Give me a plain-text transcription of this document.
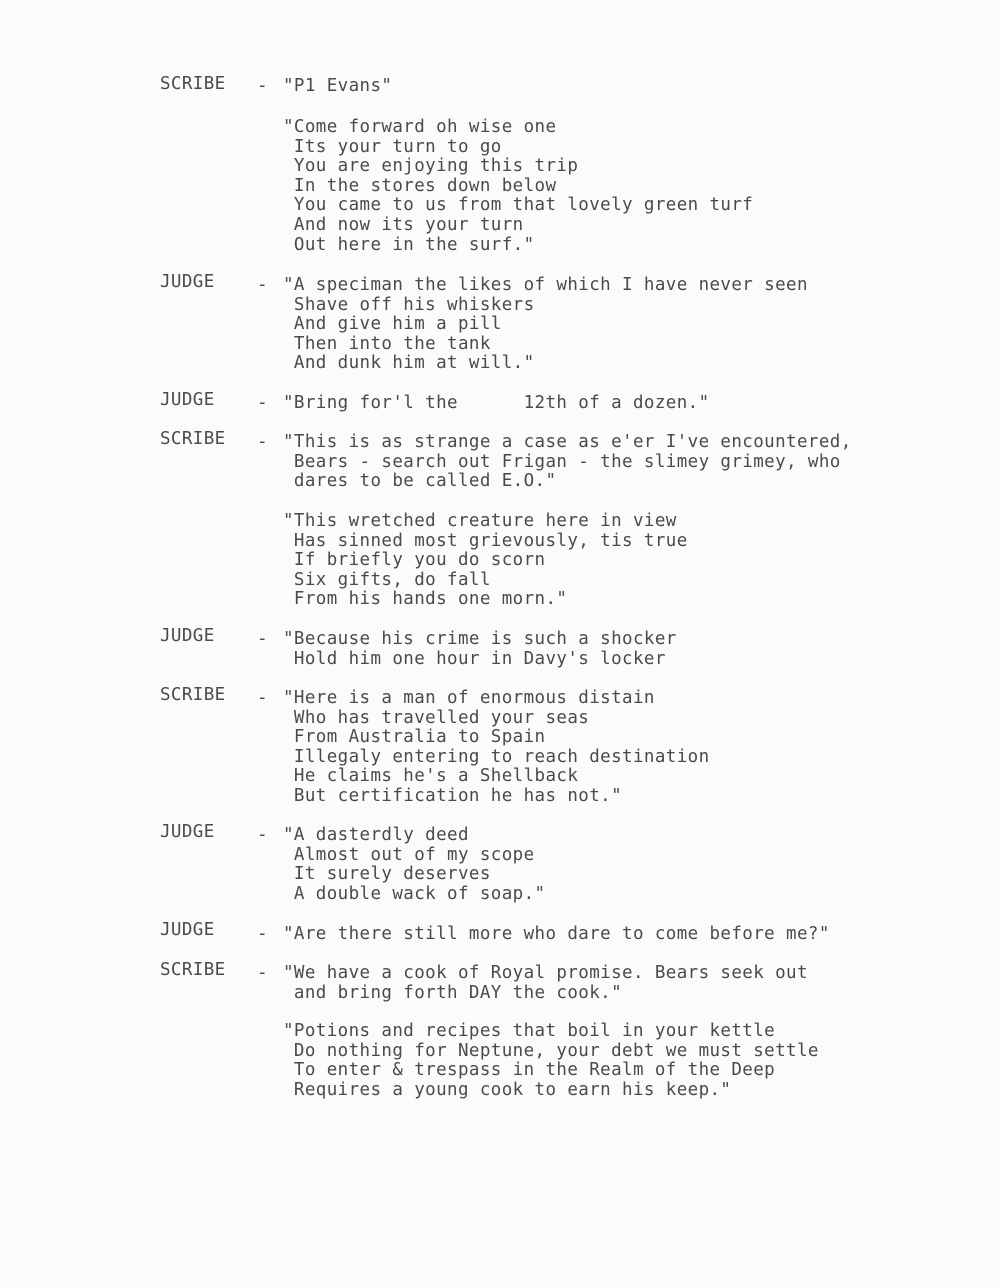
SCRIBE - "P1 Evans"
"Come forward oh wise one
Its your turn to go
You are enjoying this trip
In the stores down below
You came to us from that lovely green turf
And now its your turn
Out here in the surf."
JUDGE - "A speciman the likes of which I have never seen
Shave off his whiskers
And give him a pill
Then into the tank
And dunk him at will."
JUDGE - "Bring for'l the      12th of a dozen."
SCRIBE - "This is as strange a case as e'er I've encountered,
Bears - search out Frigan - the slimey grimey, who
dares to be called E.O."
"This wretched creature here in view
Has sinned most grievously, tis true
If briefly you do scorn
Six gifts, do fall
From his hands one morn."
JUDGE - "Because his crime is such a shocker
Hold him one hour in Davy's locker
SCRIBE - "Here is a man of enormous distain
Who has travelled your seas
From Australia to Spain
Illegaly entering to reach destination
He claims he's a Shellback
But certification he has not."
JUDGE - "A dasterdly deed
Almost out of my scope
It surely deserves
A double wack of soap."
JUDGE - "Are there still more who dare to come before me?"
SCRIBE - "We have a cook of Royal promise. Bears seek out
and bring forth DAY the cook."
"Potions and recipes that boil in your kettle
Do nothing for Neptune, your debt we must settle
To enter & trespass in the Realm of the Deep
Requires a young cook to earn his keep."
